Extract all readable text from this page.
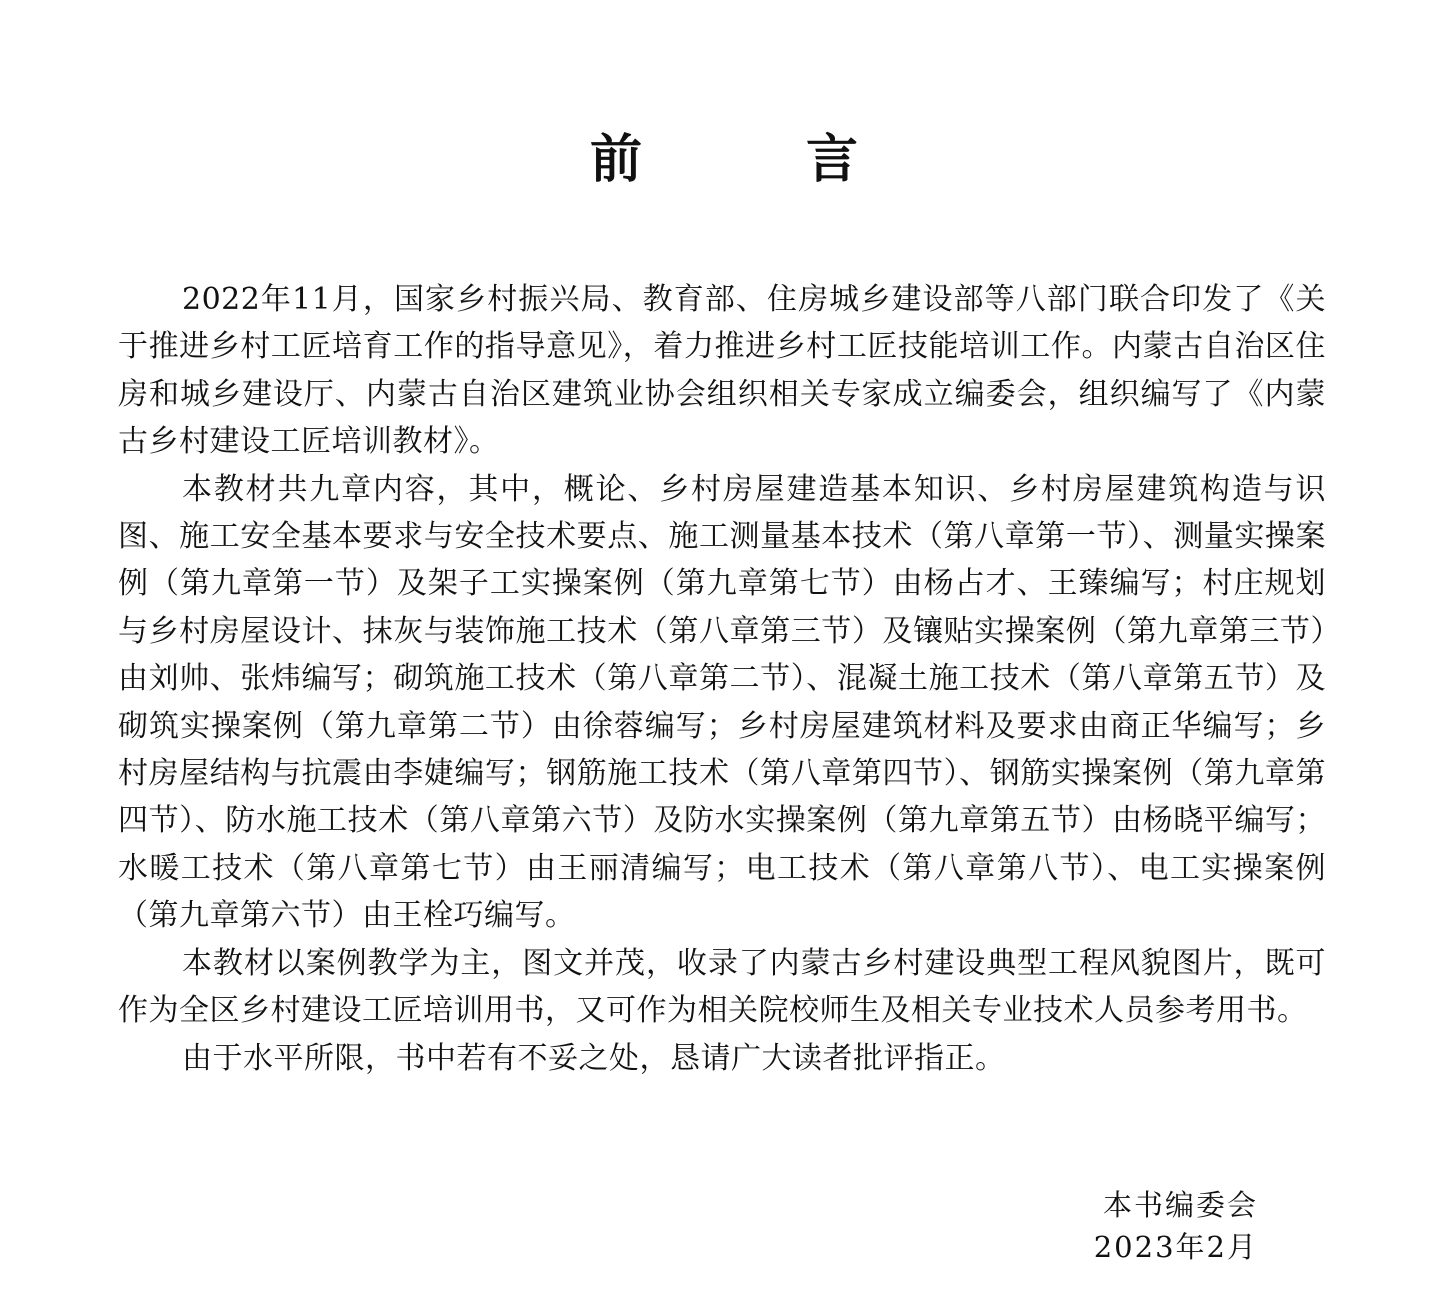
前　言

2022年11月，国家乡村振兴局、教育部、住房城乡建设部等八部门联合印发了《关于推进乡村工匠培育工作的指导意见》，着力推进乡村工匠技能培训工作。内蒙古自治区住房和城乡建设厅、内蒙古自治区建筑业协会组织相关专家成立编委会，组织编写了《内蒙古乡村建设工匠培训教材》。

本教材共九章内容，其中，概论、乡村房屋建造基本知识、乡村房屋建筑构造与识图、施工安全基本要求与安全技术要点、施工测量基本技术（第八章第一节）、测量实操案例（第九章第一节）及架子工实操案例（第九章第七节）由杨占才、王臻编写；村庄规划与乡村房屋设计、抹灰与装饰施工技术（第八章第三节）及镶贴实操案例（第九章第三节）由刘帅、张炜编写；砌筑施工技术（第八章第二节）、混凝土施工技术（第八章第五节）及砌筑实操案例（第九章第二节）由徐蓉编写；乡村房屋建筑材料及要求由商正华编写；乡村房屋结构与抗震由李婕编写；钢筋施工技术（第八章第四节）、钢筋实操案例（第九章第四节）、防水施工技术（第八章第六节）及防水实操案例（第九章第五节）由杨晓平编写；水暖工技术（第八章第七节）由王丽清编写；电工技术（第八章第八节）、电工实操案例（第九章第六节）由王栓巧编写。

本教材以案例教学为主，图文并茂，收录了内蒙古乡村建设典型工程风貌图片，既可作为全区乡村建设工匠培训用书，又可作为相关院校师生及相关专业技术人员参考用书。

由于水平所限，书中若有不妥之处，恳请广大读者批评指正。

本书编委会
2023年2月
